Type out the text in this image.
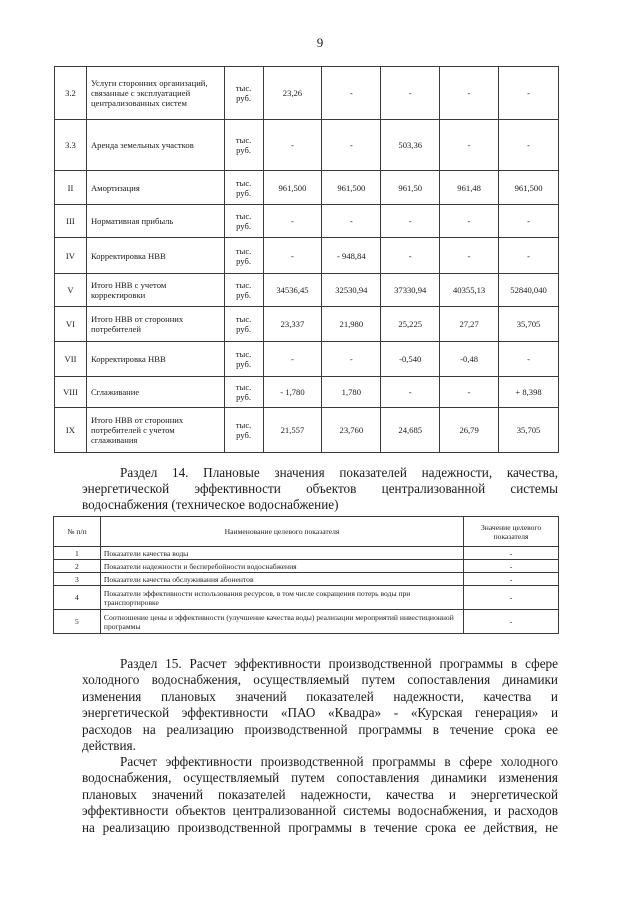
9
3.2	Услуги сторонних организаций, связанные с эксплуатацией централизованных систем	тыс. руб.	23,26	-	-	-	-
3.3	Аренда земельных участков	тыс. руб.	-	-	503,36	-	-
II	Амортизация	тыс. руб.	961,500	961,500	961,50	961,48	961,500
III	Нормативная прибыль	тыс. руб.	-	-	-	-	-
IV	Корректировка НВВ	тыс. руб.	-	- 948,84	-	-	-
V	Итого НВВ с учетом корректировки	тыс. руб.	34536,45	32530,94	37330,94	40355,13	52840,040
VI	Итого НВВ от сторонних потребителей	тыс. руб.	23,337	21,980	25,225	27,27	35,705
VII	Корректировка НВВ	тыс. руб.	-	-	-0,540	-0,48	-
VIII	Сглаживание	тыс. руб.	- 1,780	1,780	-	-	+ 8,398
IX	Итого НВВ от сторонних потребителей с учетом сглаживания	тыс. руб.	21,557	23,760	24,685	26,79	35,705
Раздел 14. Плановые значения показателей надежности, качества,
энергетической эффективности объектов централизованной системы
водоснабжения (техническое водоснабжение)
№ п/п	Наименование целевого показателя	Значение целевого показателя
1	Показатели качества воды	-
2	Показатели надежности и бесперебойности водоснабжения	-
3	Показатели качества обслуживания абонентов	-
4	Показатели эффективности использования ресурсов, в том числе сокращения потерь воды при транспортировке	-
5	Соотношение цены и эффективности (улучшение качества воды) реализации мероприятий инвестиционной программы	-
Раздел 15. Расчет эффективности производственной программы в сфере
холодного водоснабжения, осуществляемый путем сопоставления динамики
изменения плановых значений показателей надежности, качества и
энергетической эффективности «ПАО «Квадра» - «Курская генерация» и
расходов на реализацию производственной программы в течение срока ее
действия.
Расчет эффективности производственной программы в сфере холодного
водоснабжения, осуществляемый путем сопоставления динамики изменения
плановых значений показателей надежности, качества и энергетической
эффективности объектов централизованной системы водоснабжения, и расходов
на реализацию производственной программы в течение срока ее действия, не
